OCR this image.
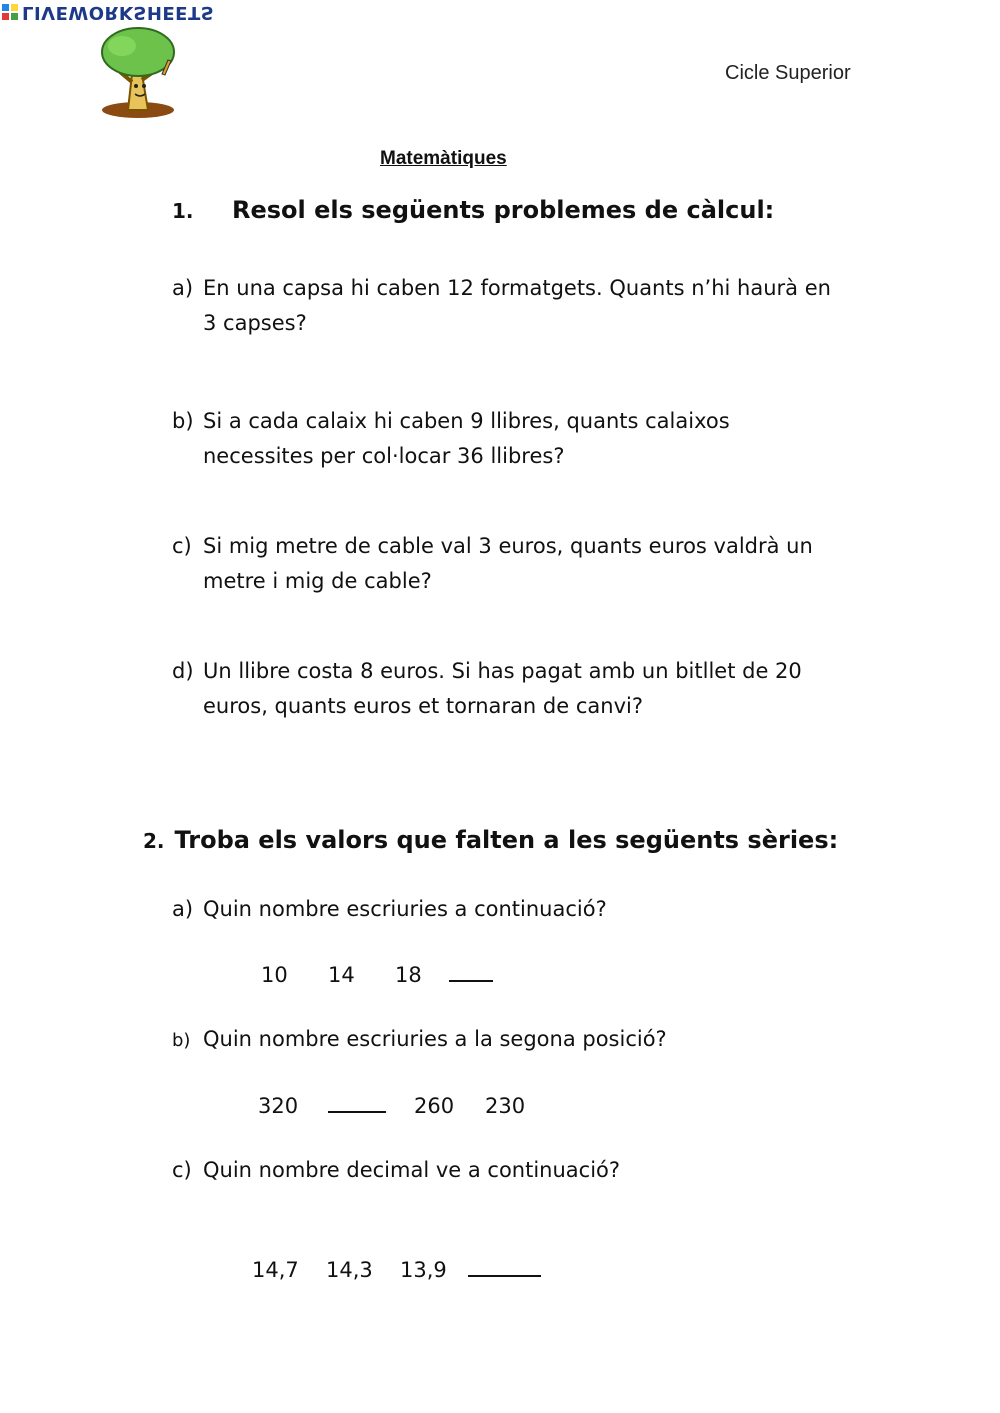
LIVEWORKSHEETS
Cicle Superior
Matemàtiques
1. Resol els següents problemes de càlcul:
a) En una capsa hi caben 12 formatgets. Quants n’hi haurà en
3 capses?
b) Si a cada calaix hi caben 9 llibres, quants calaixos
necessites per col·locar 36 llibres?
c) Si mig metre de cable val 3 euros, quants euros valdrà un
metre i mig de cable?
d) Un llibre costa 8 euros. Si has pagat amb un bitllet de 20
euros, quants euros et tornaran de canvi?
2. Troba els valors que falten a les següents sèries:
a) Quin nombre escriuries a continuació?
10 14 18
b) Quin nombre escriuries a la segona posició?
320	260 230
c) Quin nombre decimal ve a continuació?
14,7 14,3 13,9
